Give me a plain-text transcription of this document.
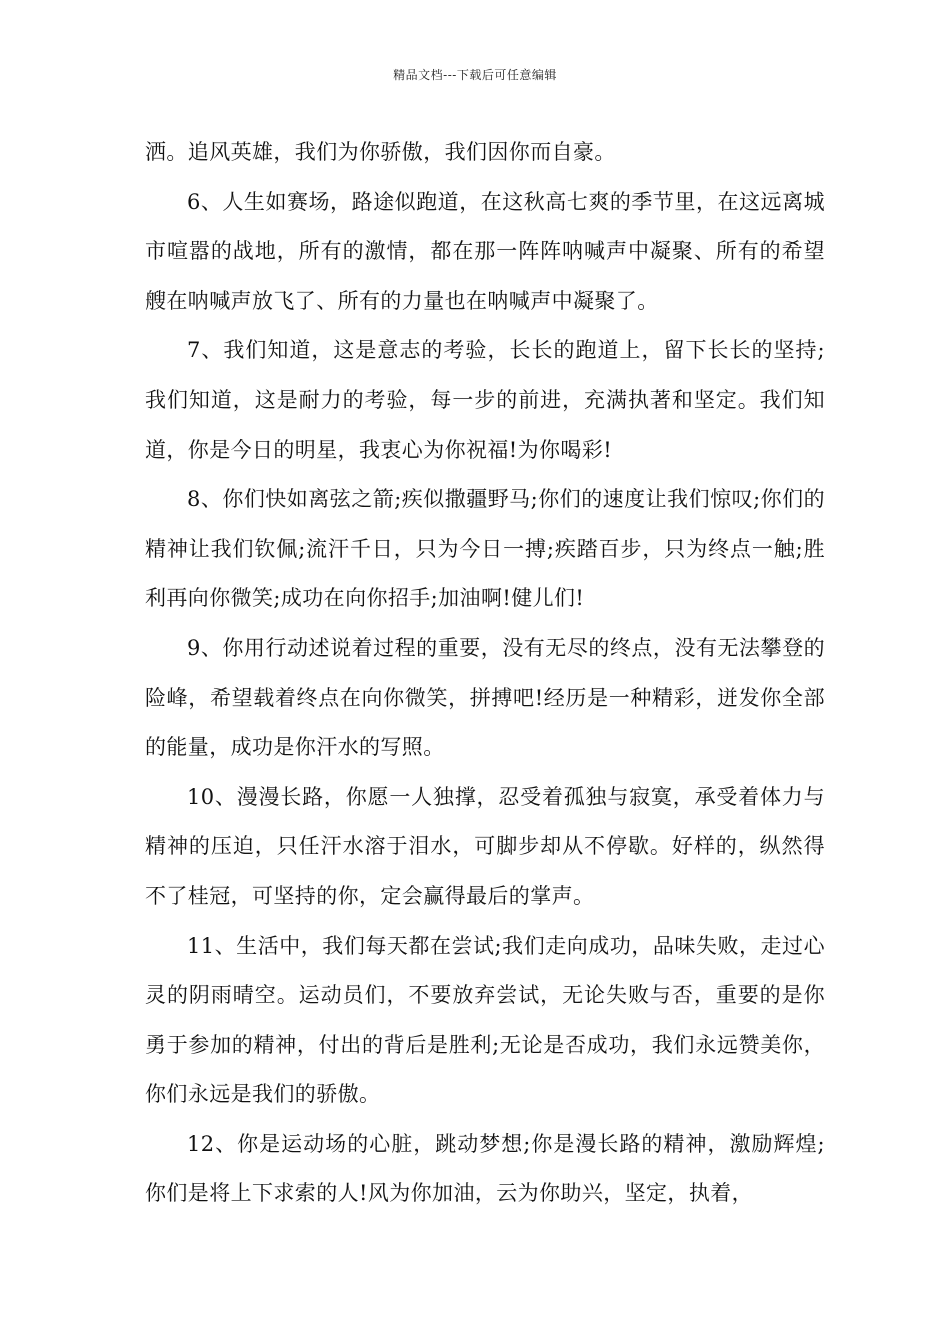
精品文档---下载后可任意编辑

洒。追风英雄，我们为你骄傲，我们因你而自豪。

6、人生如赛场，路途似跑道，在这秋高七爽的季节里，在这远离城市喧嚣的战地，所有的激情，都在那一阵阵呐喊声中凝聚、所有的希望艘在呐喊声放飞了、所有的力量也在呐喊声中凝聚了。

7、我们知道，这是意志的考验，长长的跑道上，留下长长的坚持;我们知道，这是耐力的考验，每一步的前进，充满执著和坚定。我们知道，你是今日的明星，我衷心为你祝福!为你喝彩!

8、你们快如离弦之箭;疾似撒疆野马;你们的速度让我们惊叹;你们的精神让我们钦佩;流汗千日，只为今日一搏;疾踏百步，只为终点一触;胜利再向你微笑;成功在向你招手;加油啊!健儿们!

9、你用行动述说着过程的重要，没有无尽的终点，没有无法攀登的险峰，希望载着终点在向你微笑，拼搏吧!经历是一种精彩，迸发你全部的能量，成功是你汗水的写照。

10、漫漫长路，你愿一人独撑，忍受着孤独与寂寞，承受着体力与精神的压迫，只任汗水溶于泪水，可脚步却从不停歇。好样的，纵然得不了桂冠，可坚持的你，定会赢得最后的掌声。

11、生活中，我们每天都在尝试;我们走向成功，品味失败，走过心灵的阴雨晴空。运动员们，不要放弃尝试，无论失败与否，重要的是你勇于参加的精神，付出的背后是胜利;无论是否成功，我们永远赞美你，你们永远是我们的骄傲。

12、你是运动场的心脏，跳动梦想;你是漫长路的精神，激励辉煌;你们是将上下求索的人!风为你加油，云为你助兴，坚定，执着，
